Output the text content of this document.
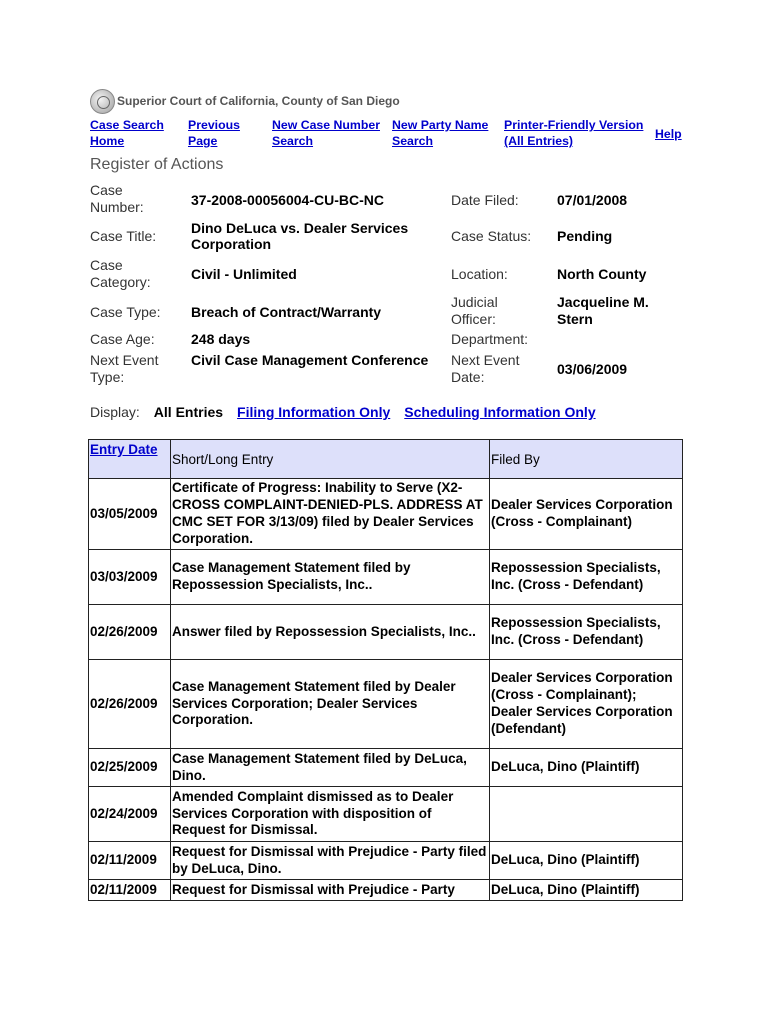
Superior Court of California, County of San Diego
Case Search
Home
Previous
Page
New Case Number
Search
New Party Name
Search
Printer-Friendly Version
(All Entries)	Help
Register of Actions
Case
Number:	37-2008-00056004-CU-BC-NC	Date Filed:	07/01/2008
Case Title:	Dino DeLuca vs. Dealer Services Corporation	Case Status:	Pending
Case
Category:	Civil - Unlimited	Location:	North County
Case Type:	Breach of Contract/Warranty
Judicial
Officer:
Jacqueline M. Stern
Case Age:	248 days	Department:
Next Event
Type:
Civil Case Management Conference	Next Event
Date:	03/06/2009
Display: All Entries Filing Information Only Scheduling Information Only
Entry Date	Short/Long Entry	Filed By
03/05/2009	Certificate of Progress: Inability to Serve (X2- CROSS COMPLAINT-DENIED-PLS. ADDRESS AT CMC SET FOR 3/13/09) filed by Dealer Services Corporation.	Dealer Services Corporation (Cross - Complainant)
03/03/2009	Case Management Statement filed by Repossession Specialists, Inc..	Repossession Specialists, Inc. (Cross - Defendant)
02/26/2009	Answer filed by Repossession Specialists, Inc..	Repossession Specialists, Inc. (Cross - Defendant)
02/26/2009	Case Management Statement filed by Dealer Services Corporation; Dealer Services Corporation.	Dealer Services Corporation (Cross - Complainant); Dealer Services Corporation (Defendant)
02/25/2009	Case Management Statement filed by DeLuca, Dino.	DeLuca, Dino (Plaintiff)
02/24/2009	Amended Complaint dismissed as to Dealer Services Corporation with disposition of Request for Dismissal.	
02/11/2009	Request for Dismissal with Prejudice - Party filed by DeLuca, Dino.	DeLuca, Dino (Plaintiff)
02/11/2009	Request for Dismissal with Prejudice - Party	DeLuca, Dino (Plaintiff)
